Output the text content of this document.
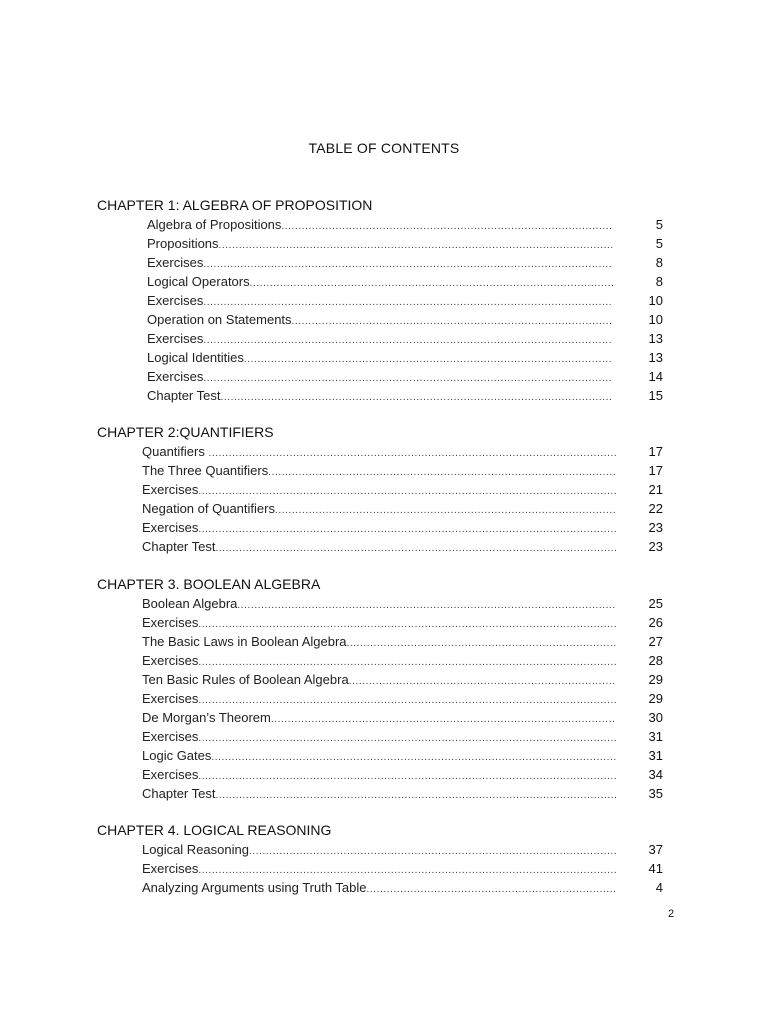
TABLE OF CONTENTS
CHAPTER 1: ALGEBRA OF PROPOSITION
Algebra of Propositions .....	5
Propositions .....	5
Exercises .....	8
Logical Operators .....	8
Exercises .....	10
Operation on Statements .....	10
Exercises .....	13
Logical Identities .....	13
Exercises .....	14
Chapter Test .....	15
CHAPTER 2:QUANTIFIERS
Quantifiers .....	17
The Three Quantifiers .....	17
Exercises .....	21
Negation of Quantifiers .....	22
Exercises .....	23
Chapter Test .....	23
CHAPTER 3. BOOLEAN ALGEBRA
Boolean Algebra .....	25
Exercises .....	26
The Basic Laws in Boolean Algebra .....	27
Exercises .....	28
Ten Basic Rules of Boolean Algebra .....	29
Exercises .....	29
De Morgan’s Theorem .....	30
Exercises .....	31
Logic Gates .....	31
Exercises .....	34
Chapter Test .....	35
CHAPTER 4. LOGICAL REASONING
Logical Reasoning .....	37
Exercises .....	41
Analyzing Arguments using Truth Table .....	4
2
